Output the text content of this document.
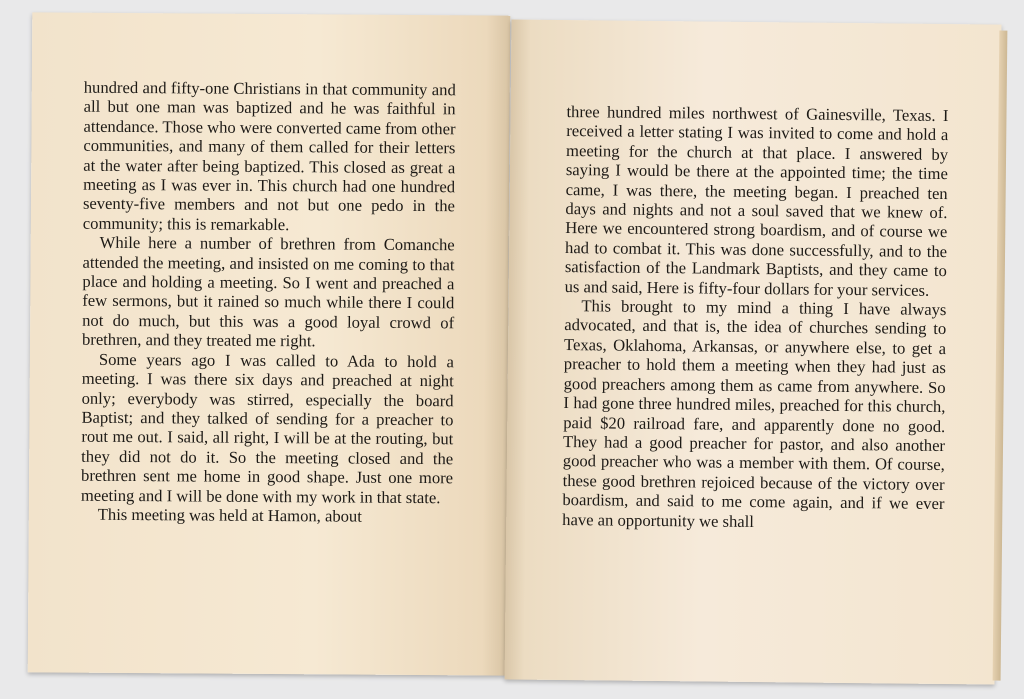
hundred and fifty-one Christians in that community and all but one man was baptized and he was faithful in attendance. Those who were converted came from other communities, and many of them called for their letters at the water after being baptized. This closed as great a meeting as I was ever in. This church had one hundred seventy-five members and not but one pedo in the community; this is remarkable.

While here a number of brethren from Comanche attended the meeting, and insisted on me coming to that place and holding a meeting. So I went and preached a few sermons, but it rained so much while there I could not do much, but this was a good loyal crowd of brethren, and they treated me right.

Some years ago I was called to Ada to hold a meeting. I was there six days and preached at night only; everybody was stirred, especially the board Baptist; and they talked of sending for a preacher to rout me out. I said, all right, I will be at the routing, but they did not do it. So the meeting closed and the brethren sent me home in good shape. Just one more meeting and I will be done with my work in that state.

This meeting was held at Hamon, about

three hundred miles northwest of Gainesville, Texas. I received a letter stating I was invited to come and hold a meeting for the church at that place. I answered by saying I would be there at the appointed time; the time came, I was there, the meeting began. I preached ten days and nights and not a soul saved that we knew of. Here we encountered strong boardism, and of course we had to combat it. This was done successfully, and to the satisfaction of the Landmark Baptists, and they came to us and said, Here is fifty-four dollars for your services.

This brought to my mind a thing I have always advocated, and that is, the idea of churches sending to Texas, Oklahoma, Arkansas, or anywhere else, to get a preacher to hold them a meeting when they had just as good preachers among them as came from anywhere. So I had gone three hundred miles, preached for this church, paid $20 railroad fare, and apparently done no good. They had a good preacher for pastor, and also another good preacher who was a member with them. Of course, these good brethren rejoiced because of the victory over boardism, and said to me come again, and if we ever have an opportunity we shall
